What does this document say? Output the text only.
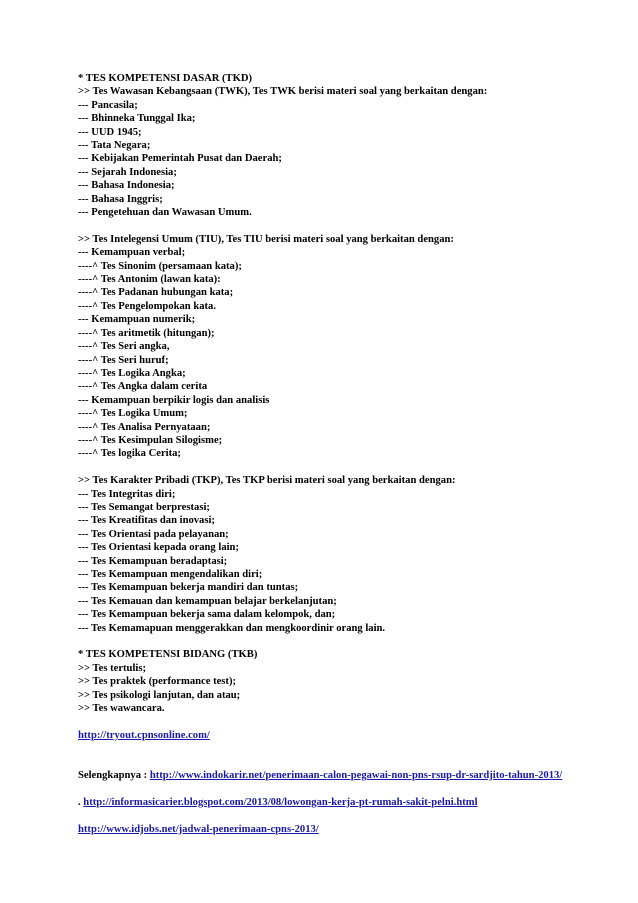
* TES KOMPETENSI DASAR (TKD)
>> Tes Wawasan Kebangsaan (TWK), Tes TWK berisi materi soal yang berkaitan dengan:
--- Pancasila;
--- Bhinneka Tunggal Ika;
--- UUD 1945;
--- Tata Negara;
--- Kebijakan Pemerintah Pusat dan Daerah;
--- Sejarah Indonesia;
--- Bahasa Indonesia;
--- Bahasa Inggris;
--- Pengetehuan dan Wawasan Umum.
>> Tes Intelegensi Umum (TIU), Tes TIU berisi materi soal yang berkaitan dengan:
--- Kemampuan verbal;
----^ Tes Sinonim (persamaan kata);
----^ Tes Antonim (lawan kata):
----^ Tes Padanan hubungan kata;
----^ Tes Pengelompokan kata.
--- Kemampuan numerik;
----^ Tes aritmetik (hitungan);
----^ Tes Seri angka,
----^ Tes Seri huruf;
----^ Tes Logika Angka;
----^ Tes Angka dalam cerita
--- Kemampuan berpikir logis dan analisis
----^ Tes Logika Umum;
----^ Tes Analisa Pernyataan;
----^ Tes Kesimpulan Silogisme;
----^ Tes logika Cerita;
>> Tes Karakter Pribadi (TKP), Tes TKP berisi materi soal yang berkaitan dengan:
--- Tes Integritas diri;
--- Tes Semangat berprestasi;
--- Tes Kreatifitas dan inovasi;
--- Tes Orientasi pada pelayanan;
--- Tes Orientasi kepada orang lain;
--- Tes Kemampuan beradaptasi;
--- Tes Kemampuan mengendalikan diri;
--- Tes Kemampuan bekerja mandiri dan tuntas;
--- Tes Kemauan dan kemampuan belajar berkelanjutan;
--- Tes Kemampuan bekerja sama dalam kelompok, dan;
--- Tes Kemamapuan menggerakkan dan mengkoordinir orang lain.
* TES KOMPETENSI BIDANG (TKB)
>> Tes tertulis;
>> Tes praktek (performance test);
>> Tes psikologi lanjutan, dan atau;
>> Tes wawancara.
http://tryout.cpnsonline.com/
Selengkapnya : http://www.indokarir.net/penerimaan-calon-pegawai-non-pns-rsup-dr-sardjito-tahun-2013/
. http://informasicarier.blogspot.com/2013/08/lowongan-kerja-pt-rumah-sakit-pelni.html
http://www.idjobs.net/jadwal-penerimaan-cpns-2013/
